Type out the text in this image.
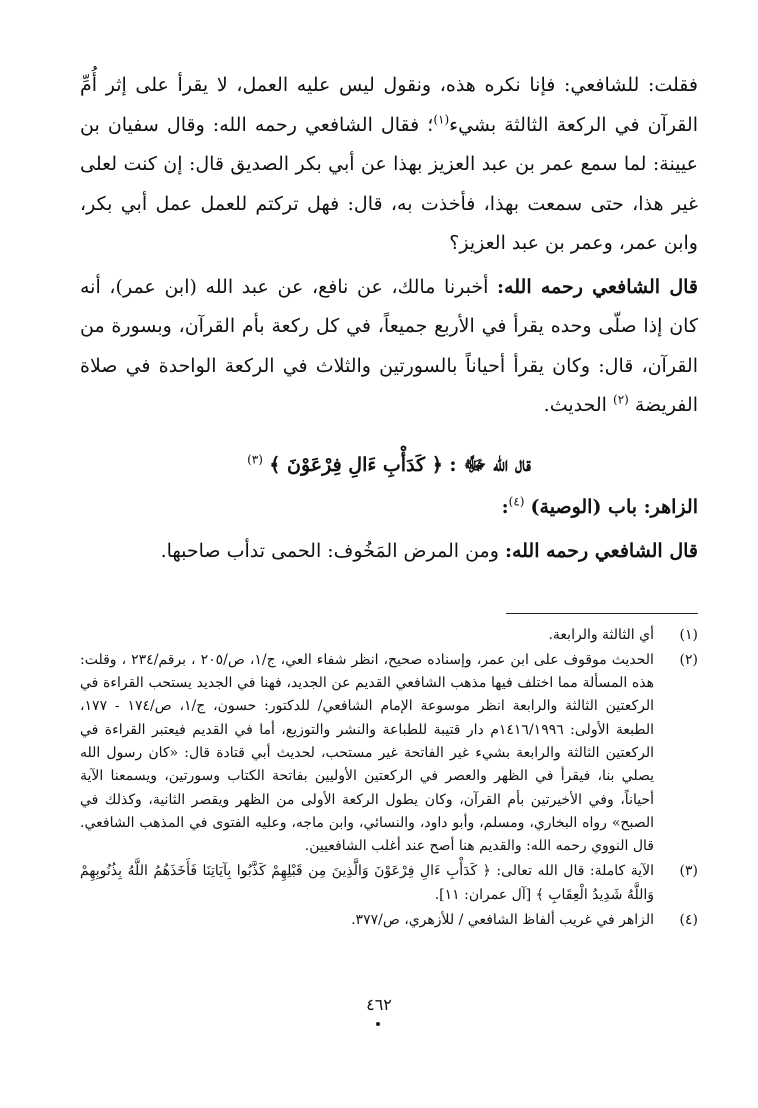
فقلت: للشافعي: فإنا نكره هذه، ونقول ليس عليه العمل، لا يقرأ على إثر أُمِّ القرآن في الركعة الثالثة بشيء$^{(١)}$؛ فقال الشافعي رحمه الله: وقال سفيان بن عيينة: لما سمع عمر بن عبد العزيز بهذا عن أبي بكر الصديق قال: إن كنت لعلى غير هذا، حتى سمعت بهذا، فأخذت به، قال: فهل تركتم للعمل عمل أبي بكر، وابن عمر، وعمر بن عبد العزيز؟

قال الشافعي رحمه الله: أخبرنا مالك، عن نافع، عن عبد الله (ابن عمر)، أنه كان إذا صلّى وحده يقرأ في الأربع جميعاً، في كل ركعة بأم القرآن، وبسورة من القرآن، قال: وكان يقرأ أحياناً بالسورتين والثلاث في الركعة الواحدة في صلاة الفريضة $^{(٢)}$ الحديث.

قال الله ﷻ : ﴿ كَدَأْبِ ءَالِ فِرْعَوْنَ ﴾ $^{(٣)}$

الزاهر: باب (الوصية) $^{(٤)}$:

قال الشافعي رحمه الله: ومن المرض المَخُوف: الحمى تدأب صاحبها.

(١)
أي الثالثة والرابعة.
(٢)
الحديث موقوف على ابن عمر، وإسناده صحيح، انظر شفاء العي، ج/١، ص/٢٠٥ ، برقم/٢٣٤ ، وقلت: هذه المسألة مما اختلف فيها مذهب الشافعي القديم عن الجديد، فهنا في الجديد يستحب القراءة في الركعتين الثالثة والرابعة انظر موسوعة الإمام الشافعي/ للدكتور: حسون، ج/١، ص/١٧٤ - ١٧٧، الطبعة الأولى: ١٤١٦/١٩٩٦م دار قتيبة للطباعة والنشر والتوزيع، أما في القديم فيعتبر القراءة في الركعتين الثالثة والرابعة بشيء غير الفاتحة غير مستحب، لحديث أبي قتادة قال: «كان رسول الله يصلي بنا، فيقرأ في الظهر والعصر في الركعتين الأوليين بفاتحة الكتاب وسورتين، ويسمعنا الآية أحياناً، وفي الأخيرتين بأم القرآن، وكان يطول الركعة الأولى من الظهر ويقصر الثانية، وكذلك في الصبح» رواه البخاري، ومسلم، وأبو داود، والنسائي، وابن ماجه، وعليه الفتوى في المذهب الشافعي. قال النووي رحمه الله: والقديم هنا أصح عند أغلب الشافعيين.
(٣)
الآية كاملة: قال الله تعالى: ﴿ كَدَأْبِ ءَالِ فِرْعَوْنَ وَالَّذِينَ مِن قَبْلِهِمْ كَذَّبُوا بِآيَاتِنَا فَأَخَذَهُمُ اللَّهُ بِذُنُوبِهِمْ وَاللَّهُ شَدِيدُ الْعِقَابِ ﴾ [آل عمران: ١١].
(٤)
الزاهر في غريب ألفاظ الشافعي / للأزهري، ص/٣٧٧.
٤٦٢
